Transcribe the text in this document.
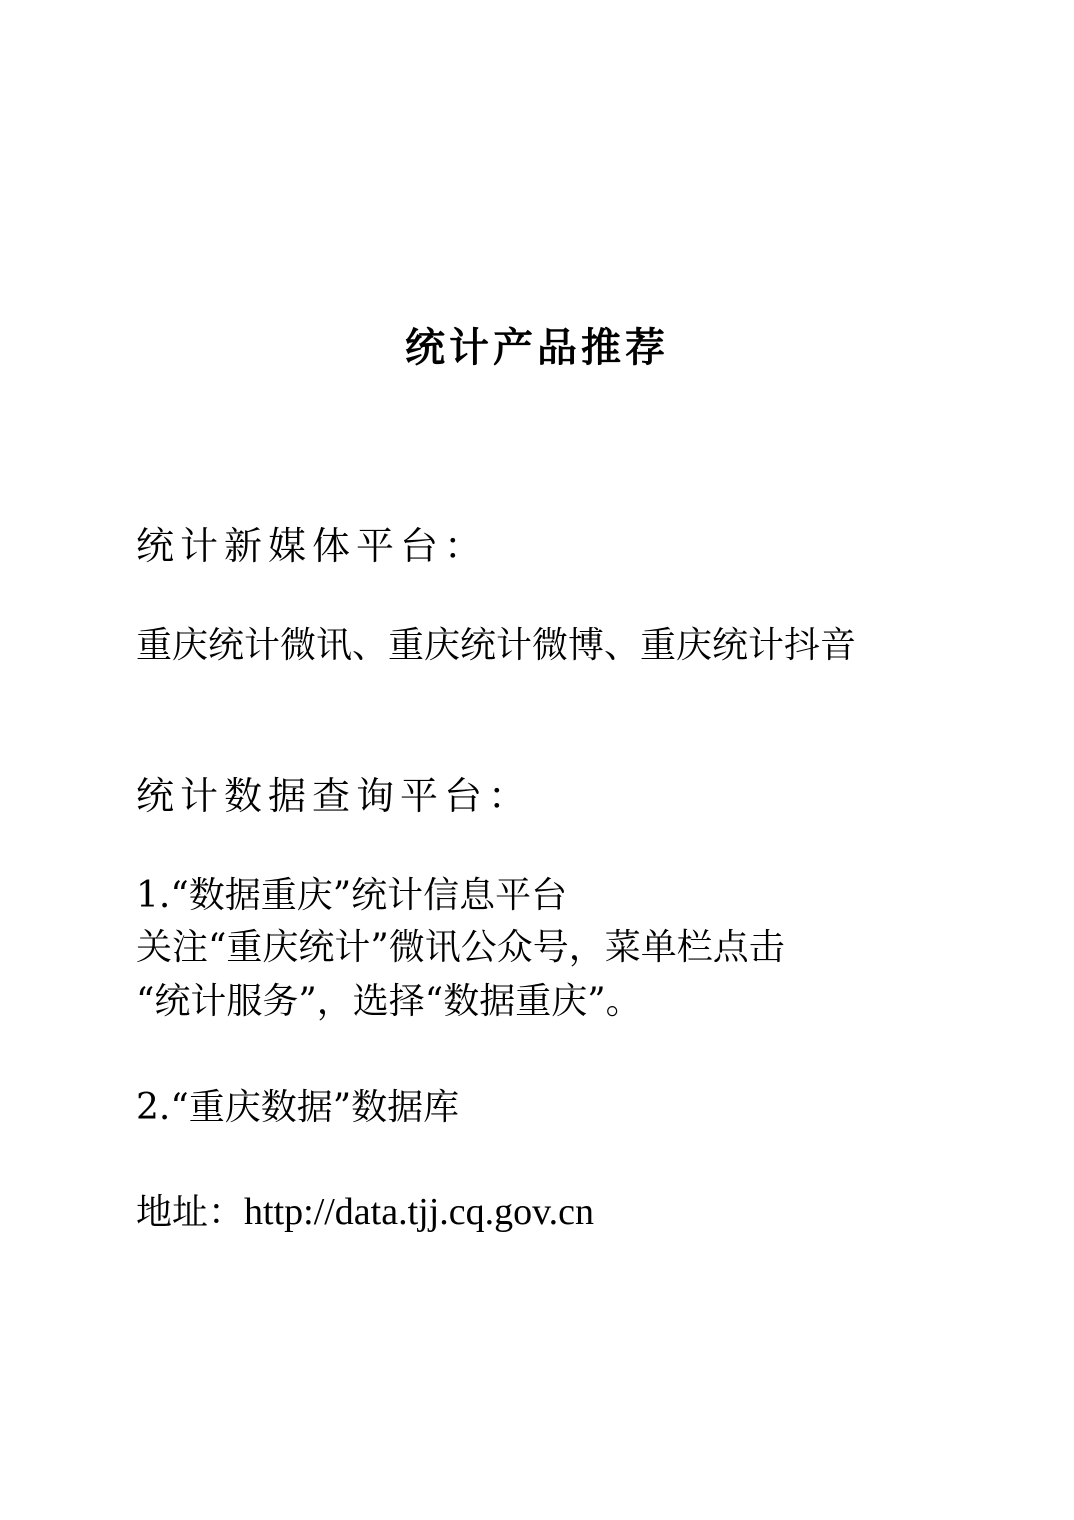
统计产品推荐
统计新媒体平台：

重庆统计微讯、重庆统计微博、重庆统计抖音

统计数据查询平台：

1.“数据重庆”统计信息平台

关注“重庆统计”微讯公众号，菜单栏点击

“统计服务”，选择“数据重庆”。

2.“重庆数据”数据库

地址：http://data.tjj.cq.gov.cn
